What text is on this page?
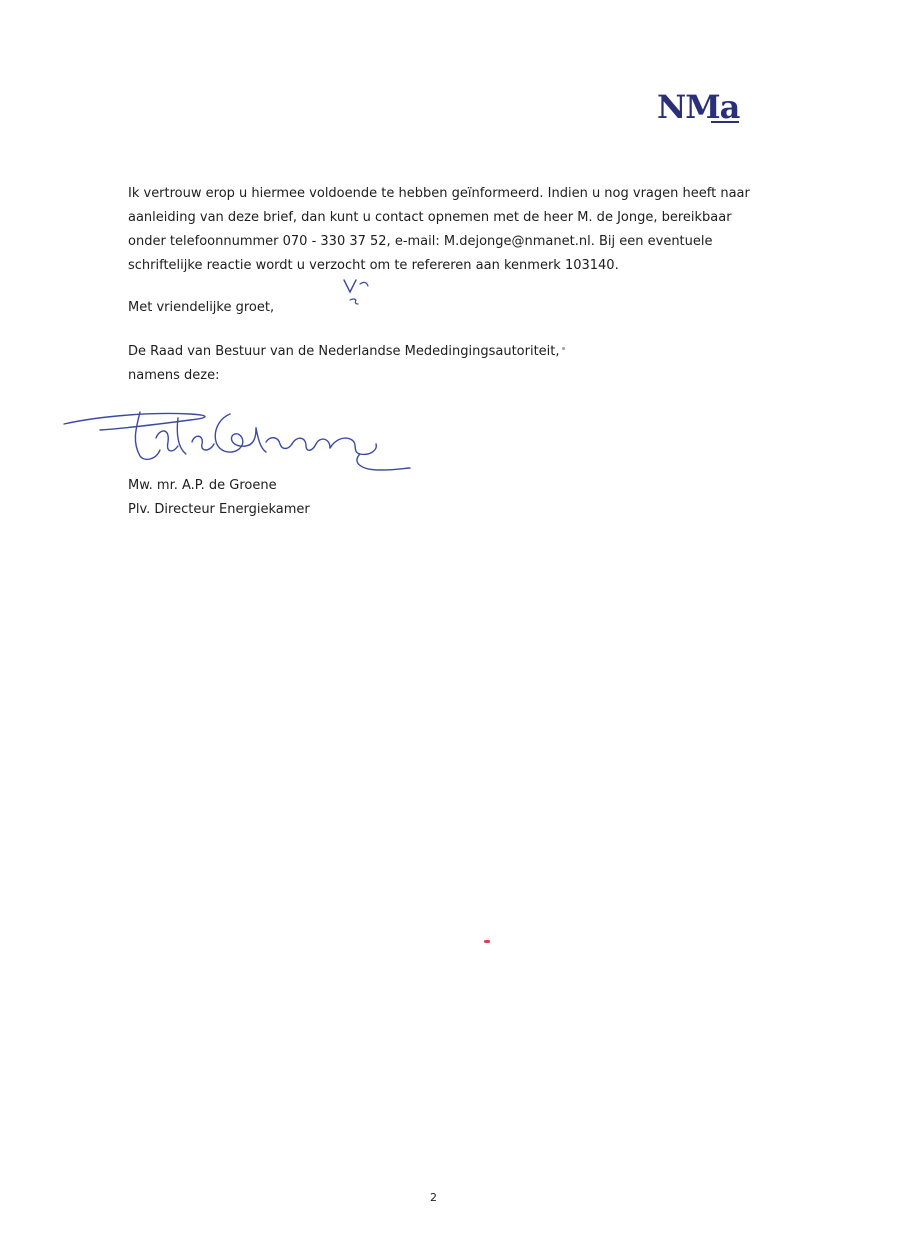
NMa

Ik vertrouw erop u hiermee voldoende te hebben geïnformeerd. Indien u nog vragen heeft naar
aanleiding van deze brief, dan kunt u contact opnemen met de heer M. de Jonge, bereikbaar
onder telefoonnummer 070 - 330 37 52, e-mail: M.dejonge@nmanet.nl. Bij een eventuele
schriftelijke reactie wordt u verzocht om te refereren aan kenmerk 103140.

Met vriendelijke groet,
De Raad van Bestuur van de Nederlandse Mededingingsautoriteit,
namens deze:
Mw. mr. A.P. de Groene
Plv. Directeur Energiekamer
2
